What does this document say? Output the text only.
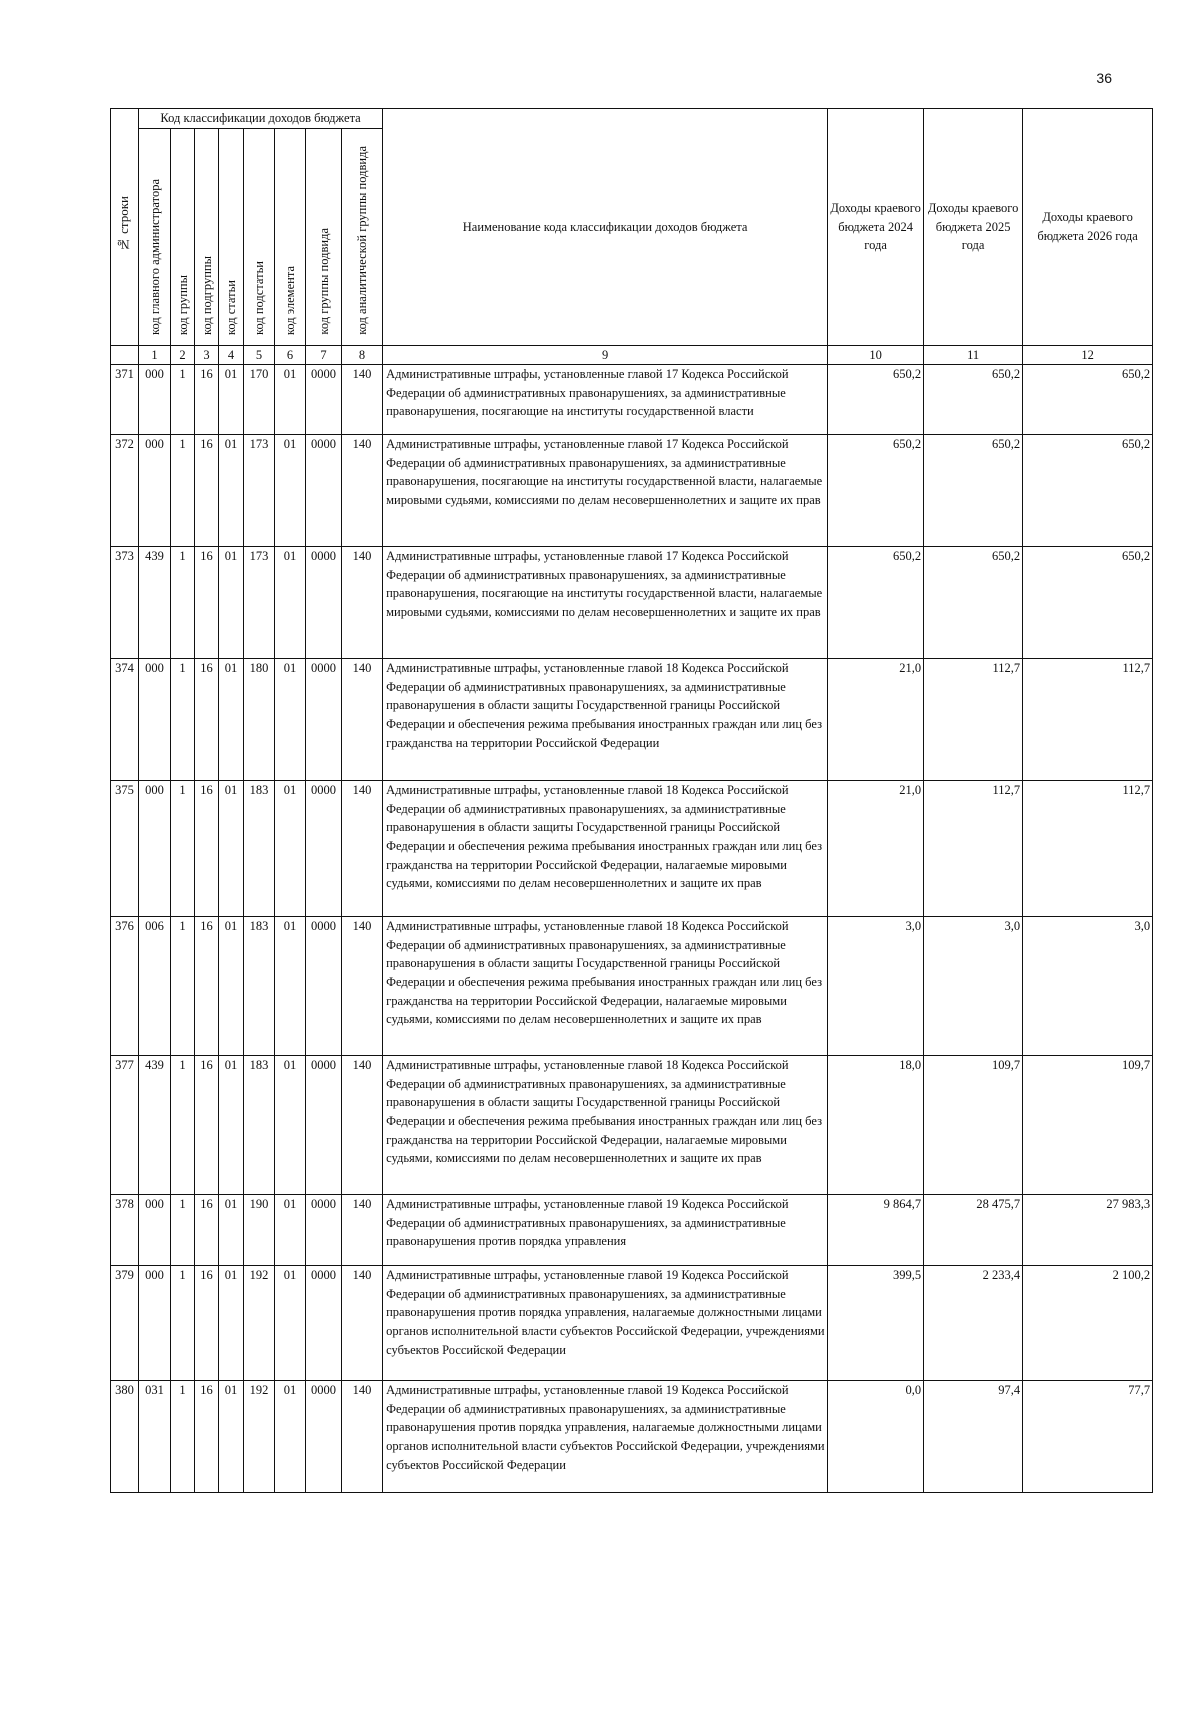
36
№ строки	Код классификации доходов бюджета								Наименование кода классификации доходов бюджета	Доходы краевого бюджета 2024 года	Доходы краевого бюджета 2025 года	Доходы краевого бюджета 2026 года
	код главного администратора	код группы	код подгруппы	код статьи	код подстатьи	код элемента	код группы подвида	код аналитической группы подвида				
	1	2	3	4	5	6	7	8	9	10	11	12
371	000	1	16	01	170	01	0000	140	Административные штрафы, установленные главой 17 Кодекса Российской Федерации об административных правонарушениях, за административные правонарушения, посягающие на институты государственной власти	650,2	650,2	650,2
372	000	1	16	01	173	01	0000	140	Административные штрафы, установленные главой 17 Кодекса Российской Федерации об административных правонарушениях, за административные правонарушения, посягающие на институты государственной власти, налагаемые мировыми судьями, комиссиями по делам несовершеннолетних и защите их прав	650,2	650,2	650,2
373	439	1	16	01	173	01	0000	140	Административные штрафы, установленные главой 17 Кодекса Российской Федерации об административных правонарушениях, за административные правонарушения, посягающие на институты государственной власти, налагаемые мировыми судьями, комиссиями по делам несовершеннолетних и защите их прав	650,2	650,2	650,2
374	000	1	16	01	180	01	0000	140	Административные штрафы, установленные главой 18 Кодекса Российской Федерации об административных правонарушениях, за административные правонарушения в области защиты Государственной границы Российской Федерации и обеспечения режима пребывания иностранных граждан или лиц без гражданства на территории Российской Федерации	21,0	112,7	112,7
375	000	1	16	01	183	01	0000	140	Административные штрафы, установленные главой 18 Кодекса Российской Федерации об административных правонарушениях, за административные правонарушения в области защиты Государственной границы Российской Федерации и обеспечения режима пребывания иностранных граждан или лиц без гражданства на территории Российской Федерации, налагаемые мировыми судьями, комиссиями по делам несовершеннолетних и защите их прав	21,0	112,7	112,7
376	006	1	16	01	183	01	0000	140	Административные штрафы, установленные главой 18 Кодекса Российской Федерации об административных правонарушениях, за административные правонарушения в области защиты Государственной границы Российской Федерации и обеспечения режима пребывания иностранных граждан или лиц без гражданства на территории Российской Федерации, налагаемые мировыми судьями, комиссиями по делам несовершеннолетних и защите их прав	3,0	3,0	3,0
377	439	1	16	01	183	01	0000	140	Административные штрафы, установленные главой 18 Кодекса Российской Федерации об административных правонарушениях, за административные правонарушения в области защиты Государственной границы Российской Федерации и обеспечения режима пребывания иностранных граждан или лиц без гражданства на территории Российской Федерации, налагаемые мировыми судьями, комиссиями по делам несовершеннолетних и защите их прав	18,0	109,7	109,7
378	000	1	16	01	190	01	0000	140	Административные штрафы, установленные главой 19 Кодекса Российской Федерации об административных правонарушениях, за административные правонарушения против порядка управления	9 864,7	28 475,7	27 983,3
379	000	1	16	01	192	01	0000	140	Административные штрафы, установленные главой 19 Кодекса Российской Федерации об административных правонарушениях, за административные правонарушения против порядка управления, налагаемые должностными лицами органов исполнительной власти субъектов Российской Федерации, учреждениями субъектов Российской Федерации	399,5	2 233,4	2 100,2
380	031	1	16	01	192	01	0000	140	Административные штрафы, установленные главой 19 Кодекса Российской Федерации об административных правонарушениях, за административные правонарушения против порядка управления, налагаемые должностными лицами органов исполнительной власти субъектов Российской Федерации, учреждениями субъектов Российской Федерации	0,0	97,4	77,7
